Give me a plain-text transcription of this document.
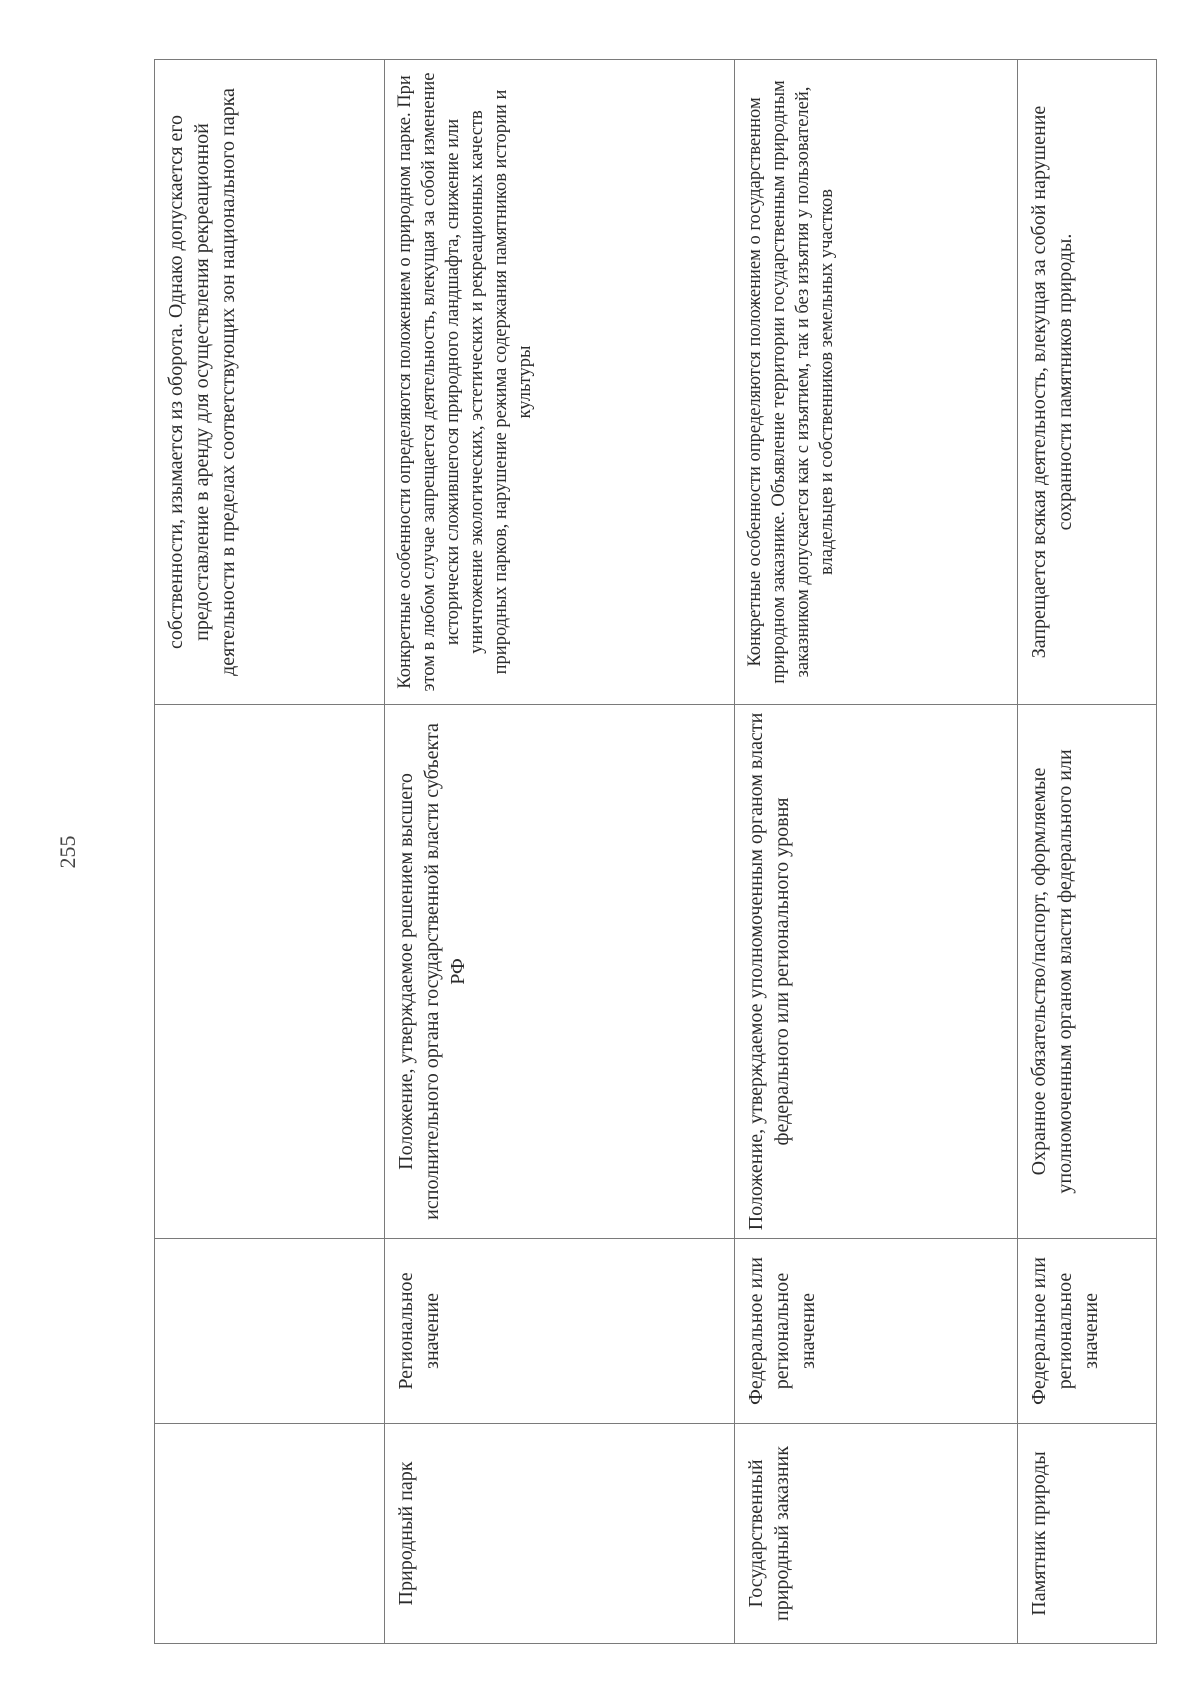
255

			собственности, изымается из оборота. Однако допускается его предоставление в аренду для осуществления рекреационной деятельности в пределах соответствующих зон национального парка

Природный парк	Региональное значение	Положение, утверждаемое решением высшего исполнительного органа государственной власти субъекта РФ	Конкретные особенности определяются положением о природном парке. При этом в любом случае запрещается деятельность, влекущая за собой изменение исторически сложившегося природного ландшафта, снижение или уничтожение экологических, эстетических и рекреационных качеств природных парков, нарушение режима содержания памятников истории и культуры

Государственный природный заказник	Федеральное или региональное значение	Положение, утверждаемое уполномоченным органом власти федерального или регионального уровня	Конкретные особенности определяются положением о государственном природном заказнике. Объявление территории государственным природным заказником допускается как с изъятием, так и без изъятия у пользователей, владельцев и собственников земельных участков

Памятник природы	Федеральное или региональное значение	Охранное обязательство/паспорт, оформляемые уполномоченным органом власти федерального или	Запрещается всякая деятельность, влекущая за собой нарушение сохранности памятников природы.
